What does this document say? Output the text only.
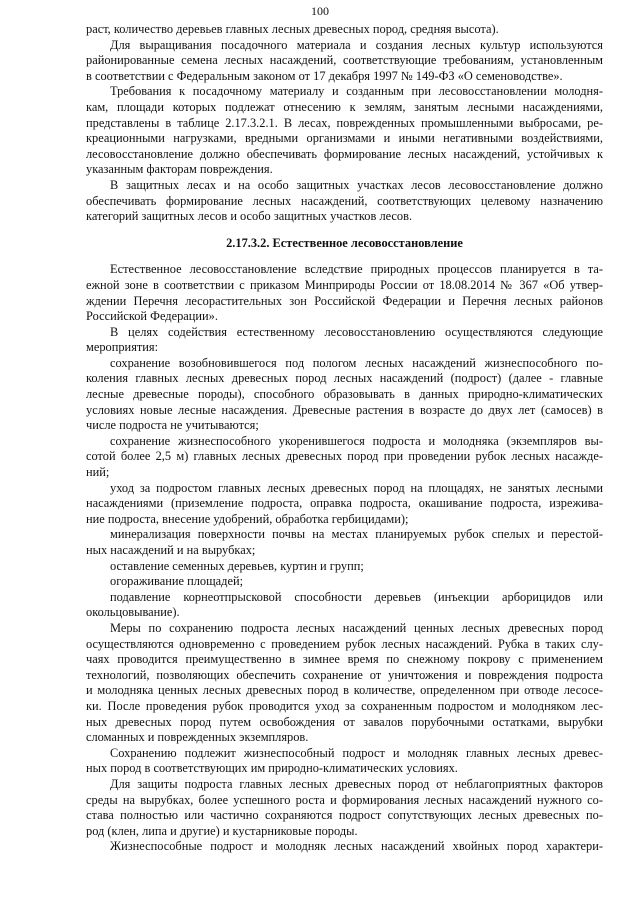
100
раст, количество деревьев главных лесных древесных пород, средняя высота).
Для выращивания посадочного материала и создания лесных культур используются
районированные семена лесных насаждений, соответствующие требованиям, установленным
в соответствии с Федеральным законом от 17 декабря 1997 № 149-ФЗ «О семеноводстве».
Требования к посадочному материалу и созданным при лесовосстановлении молодня-
кам, площади которых подлежат отнесению к землям, занятым лесными насаждениями,
представлены в таблице 2.17.3.2.1. В лесах, поврежденных промышленными выбросами, ре-
креационными нагрузками, вредными организмами и иными негативными воздействиями,
лесовосстановление должно обеспечивать формирование лесных насаждений, устойчивых к
указанным факторам повреждения.
В защитных лесах и на особо защитных участках лесов лесовосстановление должно
обеспечивать формирование лесных насаждений, соответствующих целевому назначению
категорий защитных лесов и особо защитных участков лесов.
2.17.3.2. Естественное лесовосстановление
Естественное лесовосстановление вследствие природных процессов планируется в та-
ежной зоне в соответствии с приказом Минприроды России от 18.08.2014 № 367 «Об утвер-
ждении Перечня лесорастительных зон Российской Федерации и Перечня лесных районов
Российской Федерации».
В целях содействия естественному лесовосстановлению осуществляются следующие
мероприятия:
сохранение возобновившегося под пологом лесных насаждений жизнеспособного по-
коления главных лесных древесных пород лесных насаждений (подрост) (далее - главные
лесные древесные породы), способного образовывать в данных природно-климатических
условиях новые лесные насаждения. Древесные растения в возрасте до двух лет (самосев) в
числе подроста не учитываются;
сохранение жизнеспособного укоренившегося подроста и молодняка (экземпляров вы-
сотой более 2,5 м) главных лесных древесных пород при проведении рубок лесных насажде-
ний;
уход за подростом главных лесных древесных пород на площадях, не занятых лесными
насаждениями (приземление подроста, оправка подроста, окашивание подроста, изрежива-
ние подроста, внесение удобрений, обработка гербицидами);
минерализация поверхности почвы на местах планируемых рубок спелых и перестой-
ных насаждений и на вырубках;
оставление семенных деревьев, куртин и групп;
огораживание площадей;
подавление корнеотпрысковой способности деревьев (инъекции арборицидов или
окольцовывание).
Меры по сохранению подроста лесных насаждений ценных лесных древесных пород
осуществляются одновременно с проведением рубок лесных насаждений. Рубка в таких слу-
чаях проводится преимущественно в зимнее время по снежному покрову с применением
технологий, позволяющих обеспечить сохранение от уничтожения и повреждения подроста
и молодняка ценных лесных древесных пород в количестве, определенном при отводе лесосе-
ки. После проведения рубок проводится уход за сохраненным подростом и молодняком лес-
ных древесных пород путем освобождения от завалов порубочными остатками, вырубки
сломанных и поврежденных экземпляров.
Сохранению подлежит жизнеспособный подрост и молодняк главных лесных древес-
ных пород в соответствующих им природно-климатических условиях.
Для защиты подроста главных лесных древесных пород от неблагоприятных факторов
среды на вырубках, более успешного роста и формирования лесных насаждений нужного со-
става полностью или частично сохраняются подрост сопутствующих лесных древесных по-
род (клен, липа и другие) и кустарниковые породы.
Жизнеспособные подрост и молодняк лесных насаждений хвойных пород характери-
